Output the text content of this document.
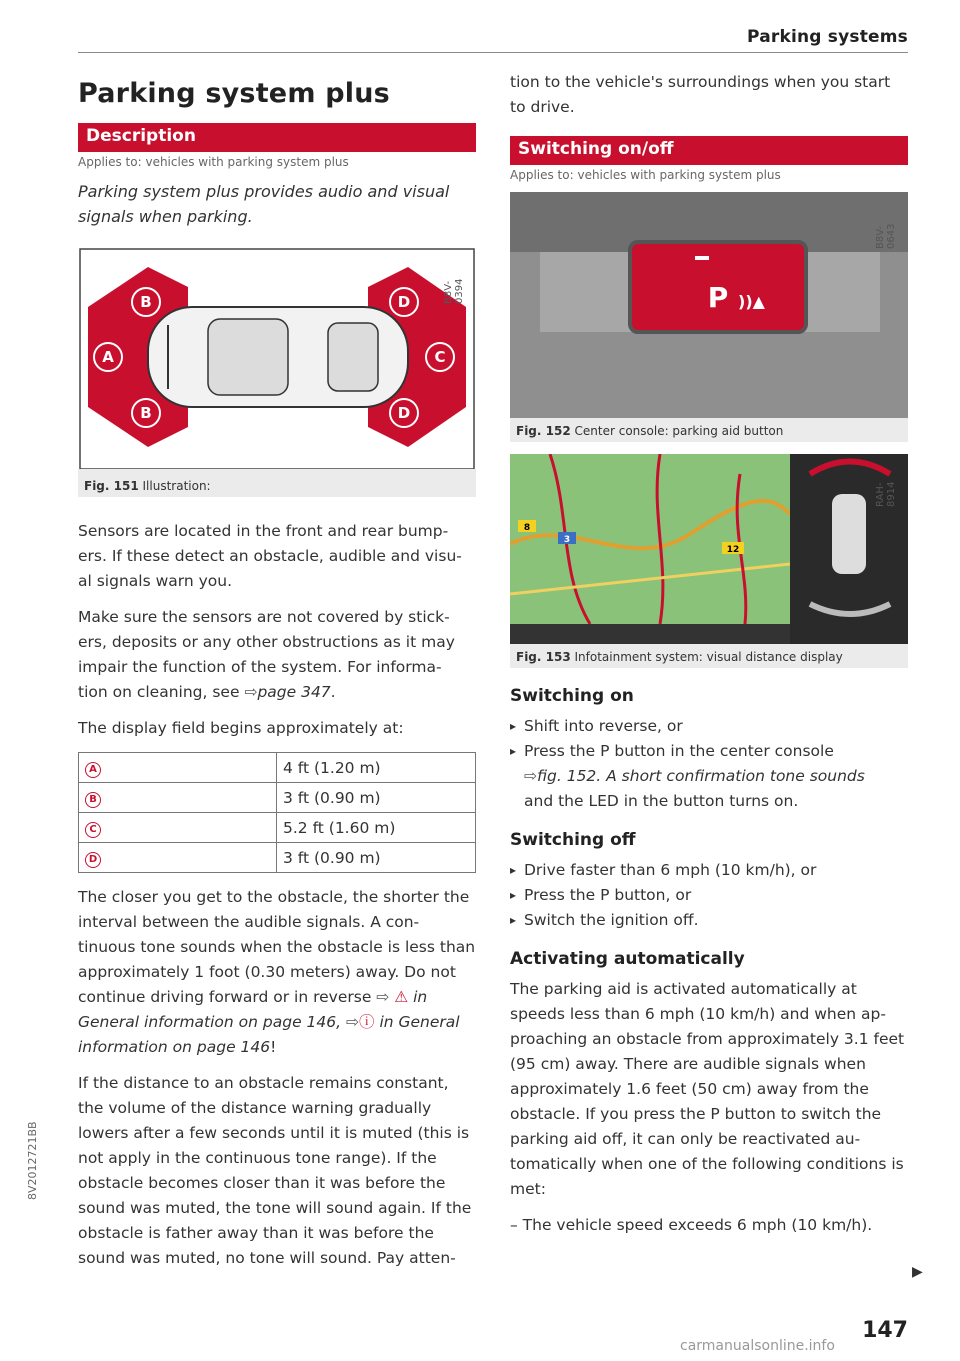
Parking systems
Parking system plus
Description
Applies to: vehicles with parking system plus
Parking system plus provides audio and visual signals when parking.
B
A
B
D
C
D
B8V-0394
Fig. 151 Illustration:

Sensors are located in the front and rear bump- ers. If these detect an obstacle, audible and visu- al signals warn you.

Make sure the sensors are not covered by stick- ers, deposits or any other obstructions as it may impair the function of the system. For informa- tion on cleaning, see ⇨page 347.

The display field begins approximately at:

A	4 ft (1.20 m)
B	3 ft (0.90 m)
C	5.2 ft (1.60 m)
D	3 ft (0.90 m)

The closer you get to the obstacle, the shorter the interval between the audible signals. A con- tinuous tone sounds when the obstacle is less than approximately 1 foot (0.30 meters) away. Do not continue driving forward or in reverse ⇨ ⚠ in General information on page 146, ⇨ⓘ in General information on page 146!

If the distance to an obstacle remains constant, the volume of the distance warning gradually lowers after a few seconds until it is muted (this is not apply in the continuous tone range). If the obstacle becomes closer than it was before the sound was muted, the tone will sound again. If the obstacle is father away than it was before the sound was muted, no tone will sound. Pay atten-

tion to the vehicle's surroundings when you start to drive.

Switching on/off
Applies to: vehicles with parking system plus
P ))▲
B8V-0643
Fig. 152 Center console: parking aid button
8
3
12
RAH-8914
Fig. 153 Infotainment system: visual distance display
Switching on
▸ Shift into reverse, or
▸ Press the P button in the center console
⇨fig. 152. A short confirmation tone sounds
and the LED in the button turns on.
Switching off
▸ Drive faster than 6 mph (10 km/h), or
▸ Press the P button, or
▸ Switch the ignition off.
Activating automatically

The parking aid is activated automatically at speeds less than 6 mph (10 km/h) and when ap- proaching an obstacle from approximately 3.1 feet (95 cm) away. There are audible signals when approximately 1.6 feet (50 cm) away from the obstacle. If you press the P button to switch the parking aid off, it can only be reactivated au- tomatically when one of the following conditions is met:

– The vehicle speed exceeds 6 mph (10 km/h).

▶
147
8V2012721BB
carmanualsonline.info
